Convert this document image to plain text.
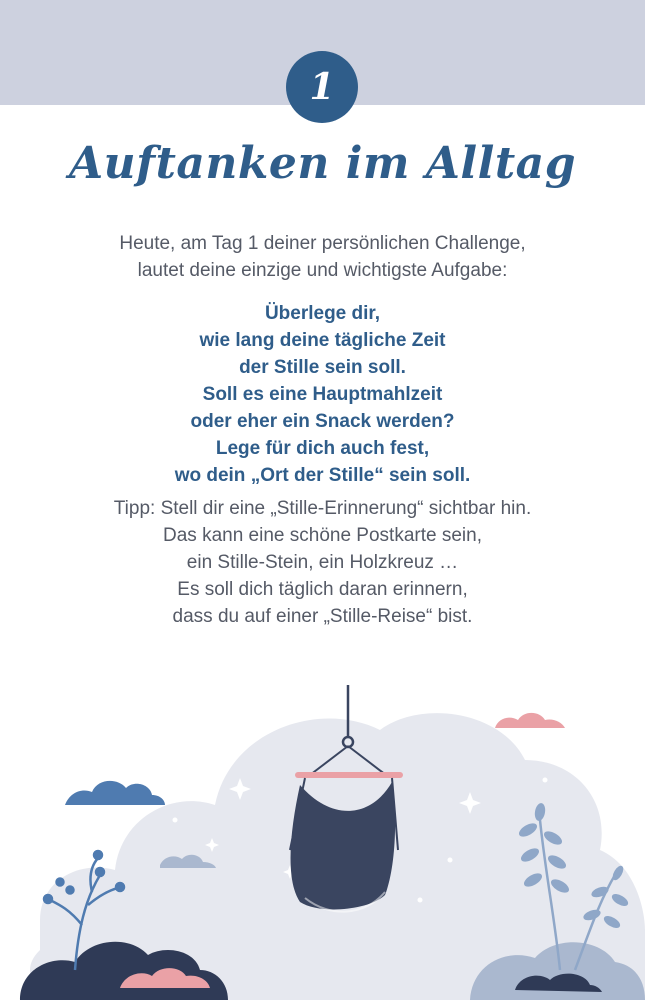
1
Auftanken im Alltag
Heute, am Tag 1 deiner persönlichen Challenge,
lautet deine einzige und wichtigste Aufgabe:
Überlege dir,
wie lang deine tägliche Zeit
der Stille sein soll.
Soll es eine Hauptmahlzeit
oder eher ein Snack werden?
Lege für dich auch fest,
wo dein „Ort der Stille“ sein soll.
Tipp: Stell dir eine „Stille-Erinnerung“ sichtbar hin.
Das kann eine schöne Postkarte sein,
ein Stille-Stein, ein Holzkreuz …
Es soll dich täglich daran erinnern,
dass du auf einer „Stille-Reise“ bist.
